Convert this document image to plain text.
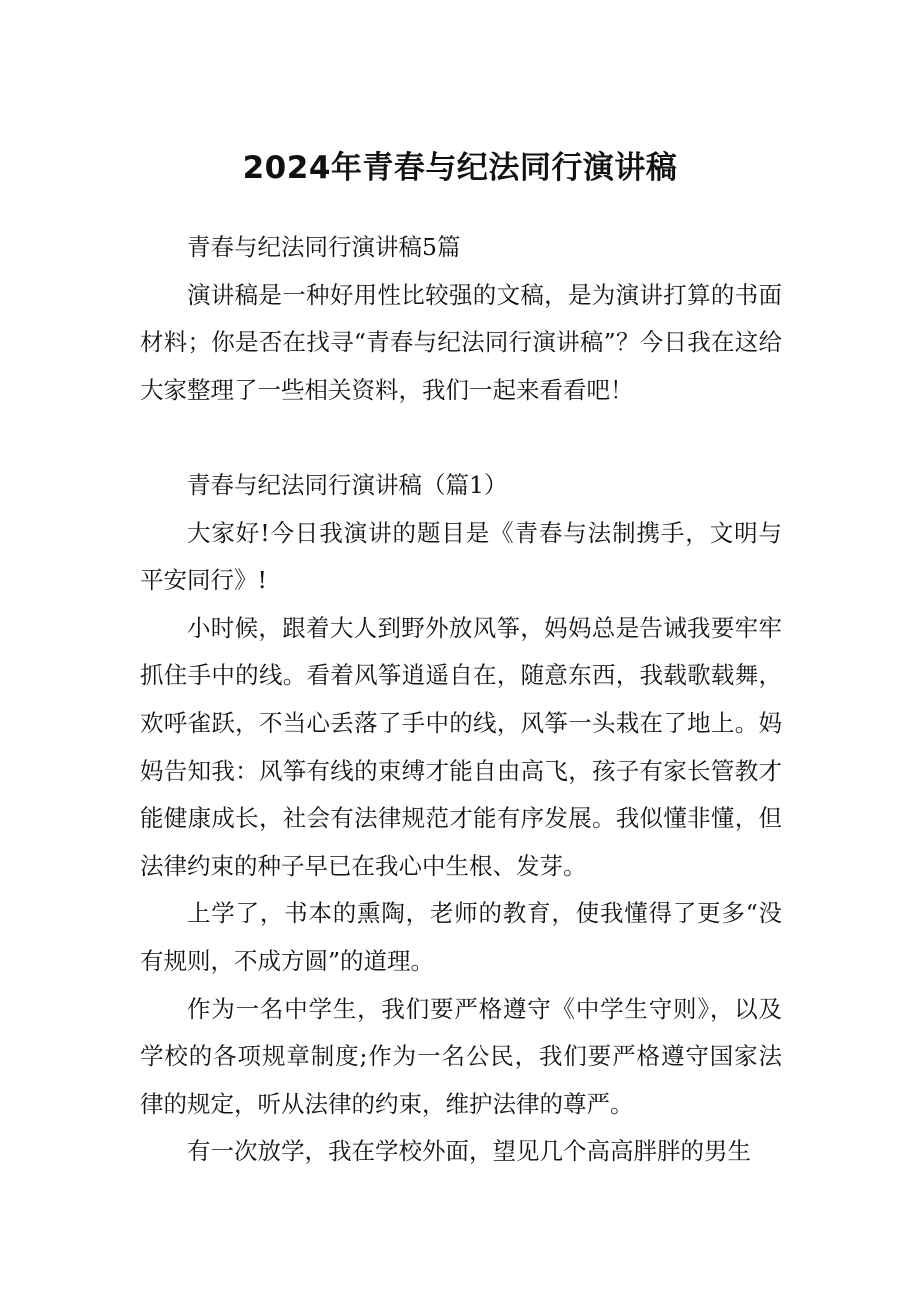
2024年青春与纪法同行演讲稿

青春与纪法同行演讲稿5篇

演讲稿是一种好用性比较强的文稿，是为演讲打算的书面材料；你是否在找寻“青春与纪法同行演讲稿”？今日我在这给大家整理了一些相关资料，我们一起来看看吧！

青春与纪法同行演讲稿（篇1）

大家好!今日我演讲的题目是《青春与法制携手，文明与平安同行》!

小时候，跟着大人到野外放风筝，妈妈总是告诫我要牢牢抓住手中的线。看着风筝逍遥自在，随意东西，我载歌载舞，欢呼雀跃，不当心丢落了手中的线，风筝一头栽在了地上。妈妈告知我：风筝有线的束缚才能自由高飞，孩子有家长管教才能健康成长，社会有法律规范才能有序发展。我似懂非懂，但法律约束的种子早已在我心中生根、发芽。

上学了，书本的熏陶，老师的教育，使我懂得了更多“没有规则，不成方圆”的道理。

作为一名中学生，我们要严格遵守《中学生守则》，以及学校的各项规章制度;作为一名公民，我们要严格遵守国家法律的规定，听从法律的约束，维护法律的尊严。

有一次放学，我在学校外面，望见几个高高胖胖的男生
